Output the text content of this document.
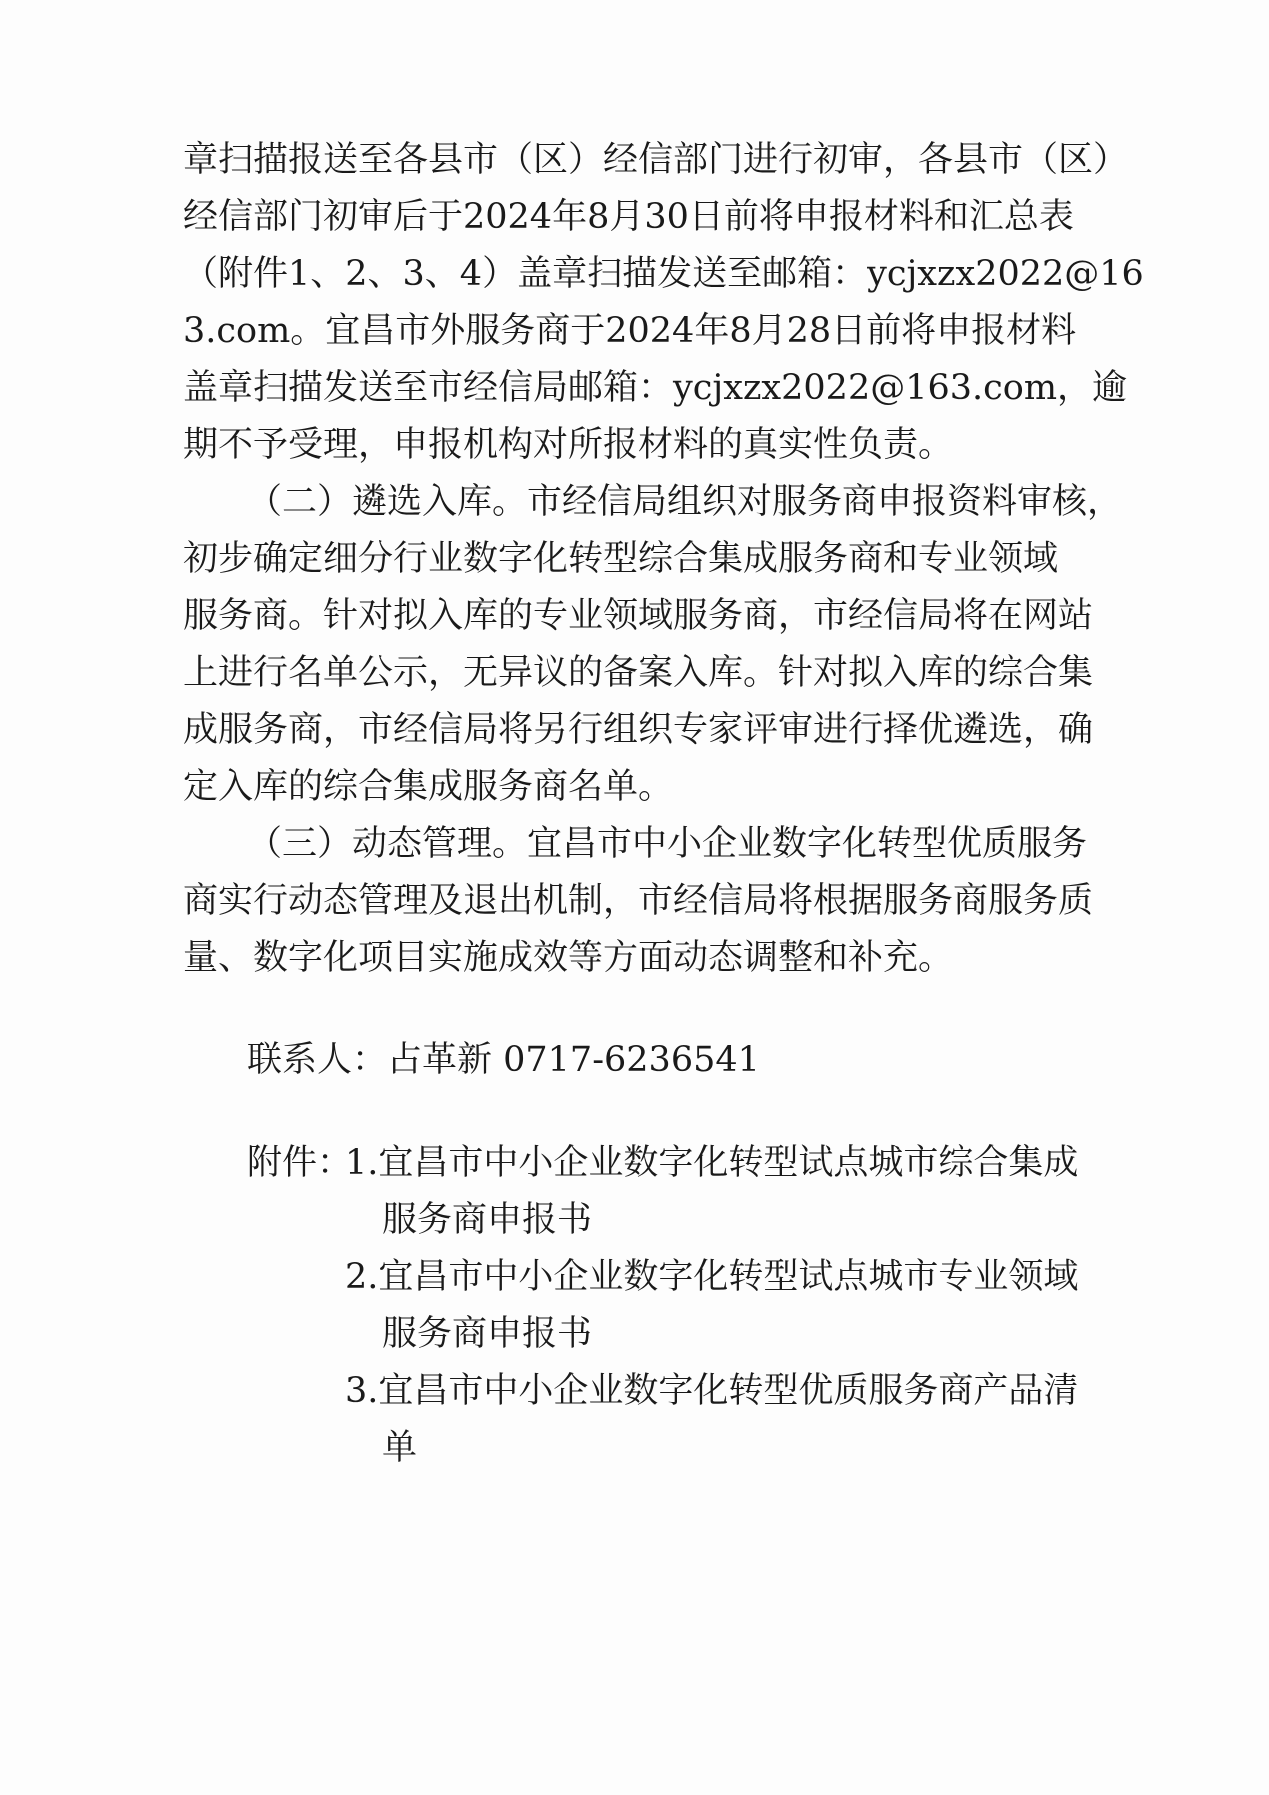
章扫描报送至各县市（区）经信部门进行初审，各县市（区）
经信部门初审后于2024年8月30日前将申报材料和汇总表
（附件1、2、3、4）盖章扫描发送至邮箱：ycjxzx2022@16
3.com。宜昌市外服务商于2024年8月28日前将申报材料
盖章扫描发送至市经信局邮箱：ycjxzx2022@163.com，逾
期不予受理，申报机构对所报材料的真实性负责。
（二）遴选入库。市经信局组织对服务商申报资料审核，
初步确定细分行业数字化转型综合集成服务商和专业领域
服务商。针对拟入库的专业领域服务商，市经信局将在网站
上进行名单公示，无异议的备案入库。针对拟入库的综合集
成服务商，市经信局将另行组织专家评审进行择优遴选，确
定入库的综合集成服务商名单。
（三）动态管理。宜昌市中小企业数字化转型优质服务
商实行动态管理及退出机制，市经信局将根据服务商服务质
量、数字化项目实施成效等方面动态调整和补充。
联系人：占革新 0717-6236541
附件：
1.宜昌市中小企业数字化转型试点城市综合集成
服务商申报书
2.宜昌市中小企业数字化转型试点城市专业领域
服务商申报书
3.宜昌市中小企业数字化转型优质服务商产品清
单
